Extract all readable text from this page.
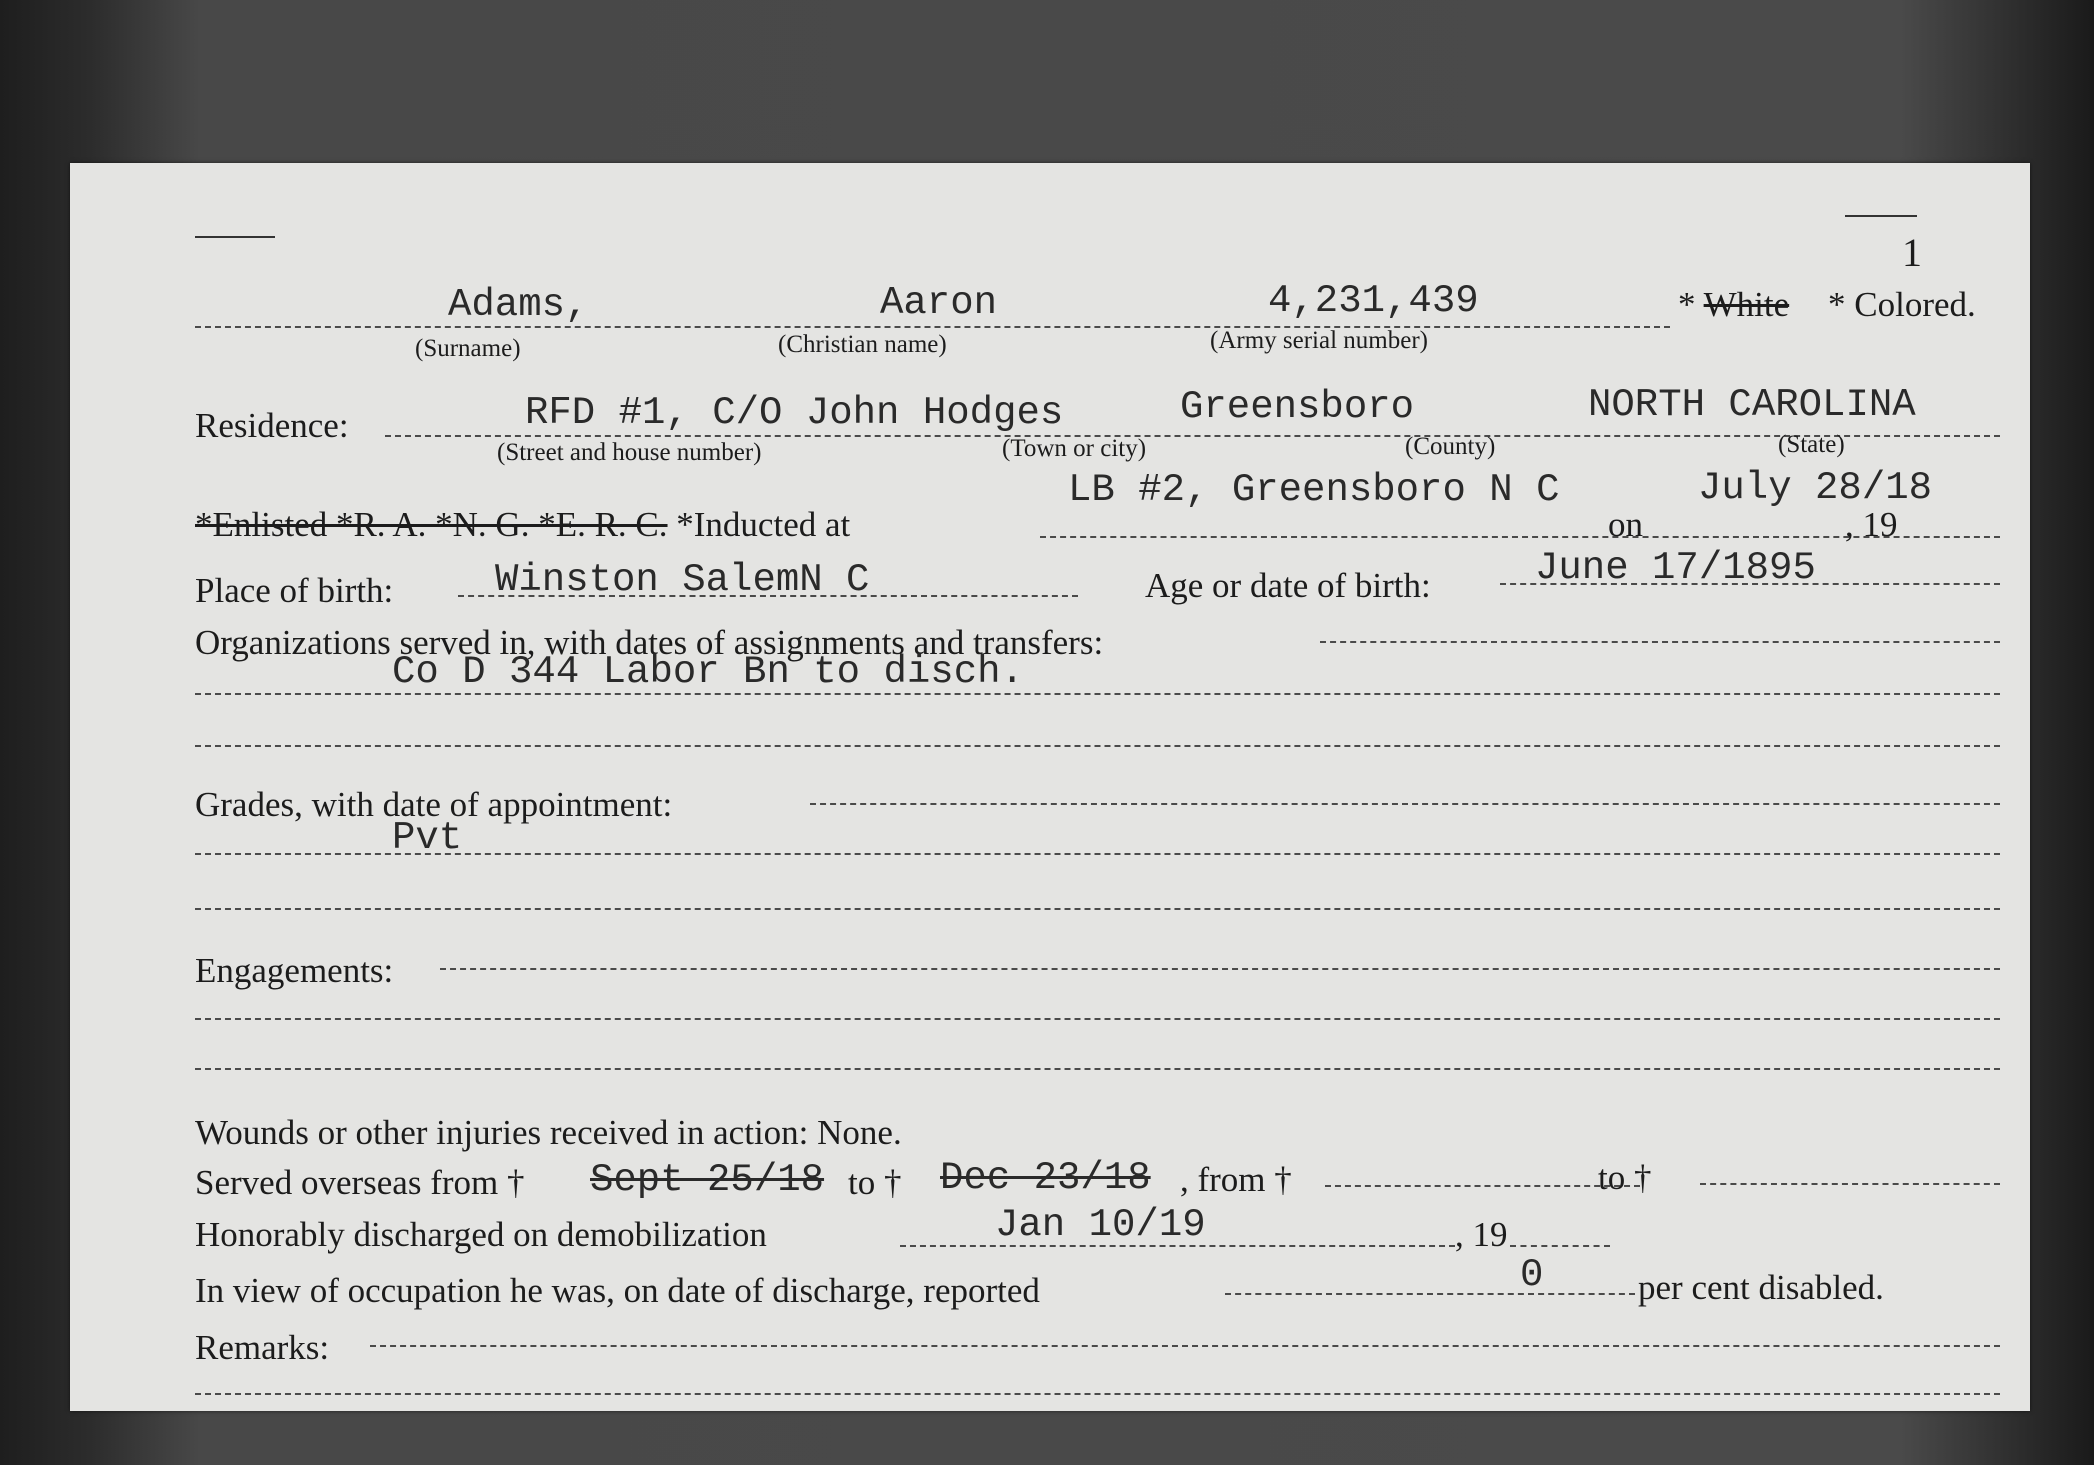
1
Adams,
(Surname)
Aaron
(Christian name)
4,231,439
(Army serial number)
* White * Colored.
Residence:	RFD #1, C/O John Hodges
(Street and house number)
Greensboro
(Town or city)	(County)
NORTH CAROLINA
(State)
*Enlisted *R. A. *N. G. *E. R. C. *Inducted at
LB #2, Greensboro N C
on
July 28/18
, 19
Place of birth:	Winston SalemN C	Age or date of birth:	June 17/1895
Organizations served in, with dates of assignments and transfers:
Co D 344 Labor Bn to disch.
Grades, with date of appointment:
Pvt
Engagements:
Wounds or other injuries received in action: None.
Served overseas from † Sept 25/18 to † Dec 23/18 , from †	to †
Honorably discharged on demobilization	Jan 10/19	, 19
In view of occupation he was, on date of discharge, reported	0	per cent disabled.
Remarks:
